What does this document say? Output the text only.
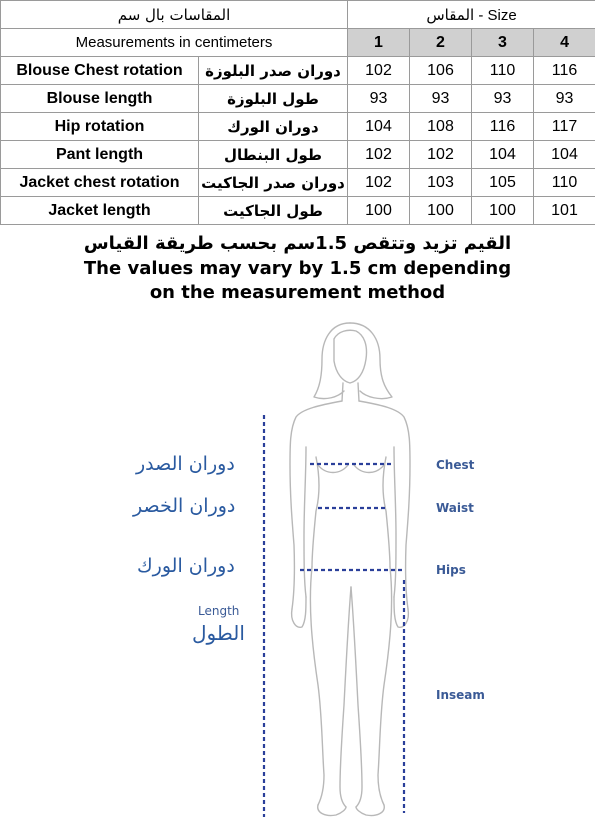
المقاسات بال سم		المقاس - Size			
Measurements in centimeters		1	2	3	4
Blouse Chest rotation	دوران صدر البلوزة	102	106	110	116
Blouse length	طول البلوزة	93	93	93	93
Hip rotation	دوران الورك	104	108	116	117
Pant length	طول البنطال	102	102	104	104
Jacket chest rotation	دوران صدر الجاكيت	102	103	105	110
Jacket length	طول الجاكيت	100	100	100	101
القيم تزيد وتتقص 1.5سم بحسب طريقة القياس
The values may vary by 1.5 cm depending
on the measurement method
دوران الصدر
دوران الخصر
دوران الورك
Length
الطول
Chest
Waist
Hips
Inseam
